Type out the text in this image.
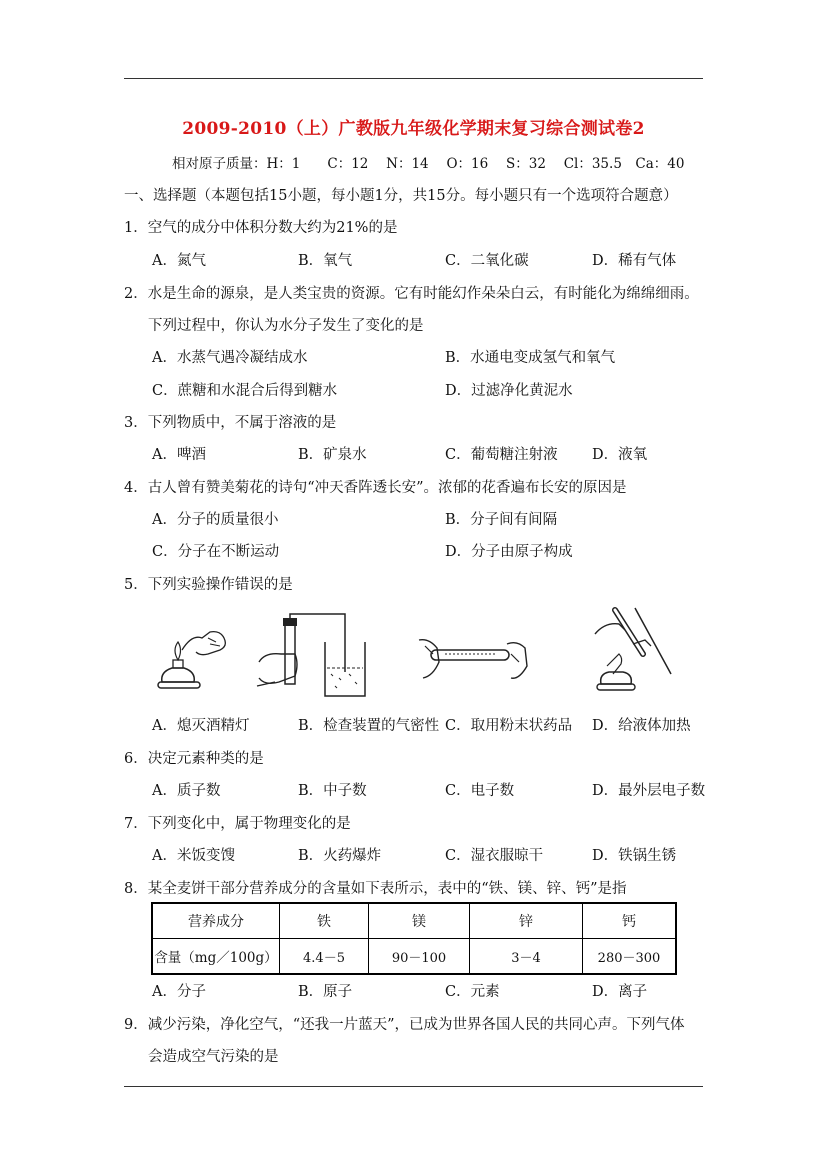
2009-2010（上）广教版九年级化学期末复习综合测试卷2
相对原子质量：H：1　　C：12　 N：14　 O：16　 S：32　 Cl：35.5　Ca：40
一、选择题（本题包括15小题，每小题1分，共15分。每小题只有一个选项符合题意）
1．空气的成分中体积分数大约为21%的是
A．氮气	B．氧气	C．二氧化碳	D．稀有气体
2．水是生命的源泉，是人类宝贵的资源。它有时能幻作朵朵白云，有时能化为绵绵细雨。
下列过程中，你认为水分子发生了变化的是
A．水蒸气遇冷凝结成水	B．水通电变成氢气和氧气
C．蔗糖和水混合后得到糖水	D．过滤净化黄泥水
3．下列物质中，不属于溶液的是
A．啤酒	B．矿泉水	C．葡萄糖注射液 D．液氧
4．古人曾有赞美菊花的诗句“冲天香阵透长安”。浓郁的花香遍布长安的原因是
A．分子的质量很小	B．分子间有间隔
C．分子在不断运动	D．分子由原子构成
5．下列实验操作错误的是
A．熄灭酒精灯	B．检查装置的气密性 C．取用粉末状药品 D．给液体加热
6．决定元素种类的是
A．质子数	B．中子数	C．电子数	D．最外层电子数
7．下列变化中，属于物理变化的是
A．米饭变馊	B．火药爆炸	C．湿衣服晾干	D．铁锅生锈
8．某全麦饼干部分营养成分的含量如下表所示，表中的“铁、镁、锌、钙”是指
营养成分	铁	镁	锌	钙
含量（mg／100g）	4.4－5	90－100	3－4	280－300
A．分子	B．原子	C．元素	D．离子
9．减少污染，净化空气，“还我一片蓝天”，已成为世界各国人民的共同心声。下列气体
会造成空气污染的是
